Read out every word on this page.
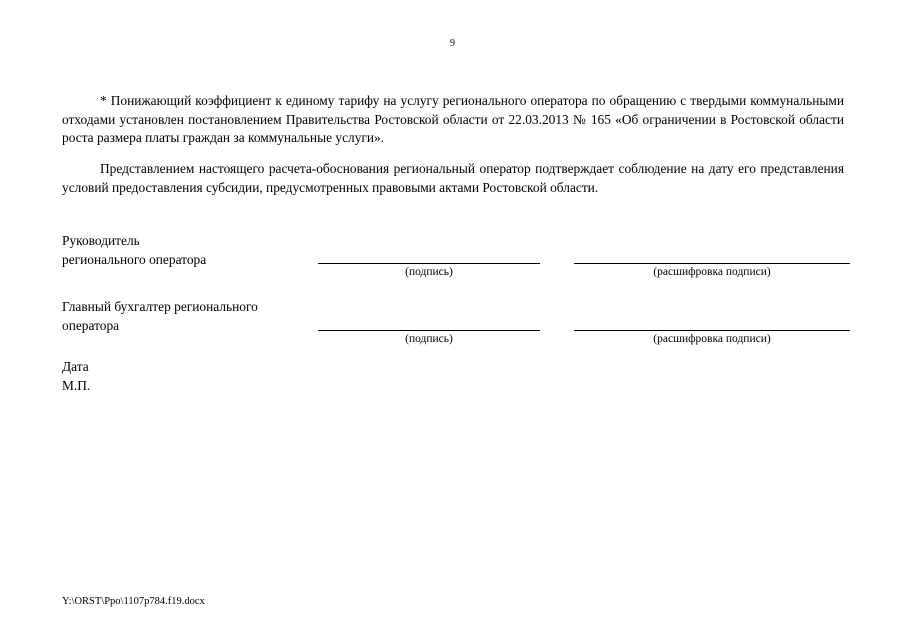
9
* Понижающий коэффициент к единому тарифу на услугу регионального оператора по обращению с твердыми коммунальными отходами установлен постановлением Правительства Ростовской области от 22.03.2013 № 165 «Об ограничении в Ростовской области роста размера платы граждан за коммунальные услуги».
Представлением настоящего расчета-обоснования региональный оператор подтверждает соблюдение на дату его представления условий предоставления субсидии, предусмотренных правовыми актами Ростовской области.
Руководитель
регионального оператора
(подпись)	(расшифровка подписи)
Главный бухгалтер регионального
оператора
(подпись)	(расшифровка подписи)
Дата
М.П.
Y:\ORST\Ppo\1107p784.f19.docx
